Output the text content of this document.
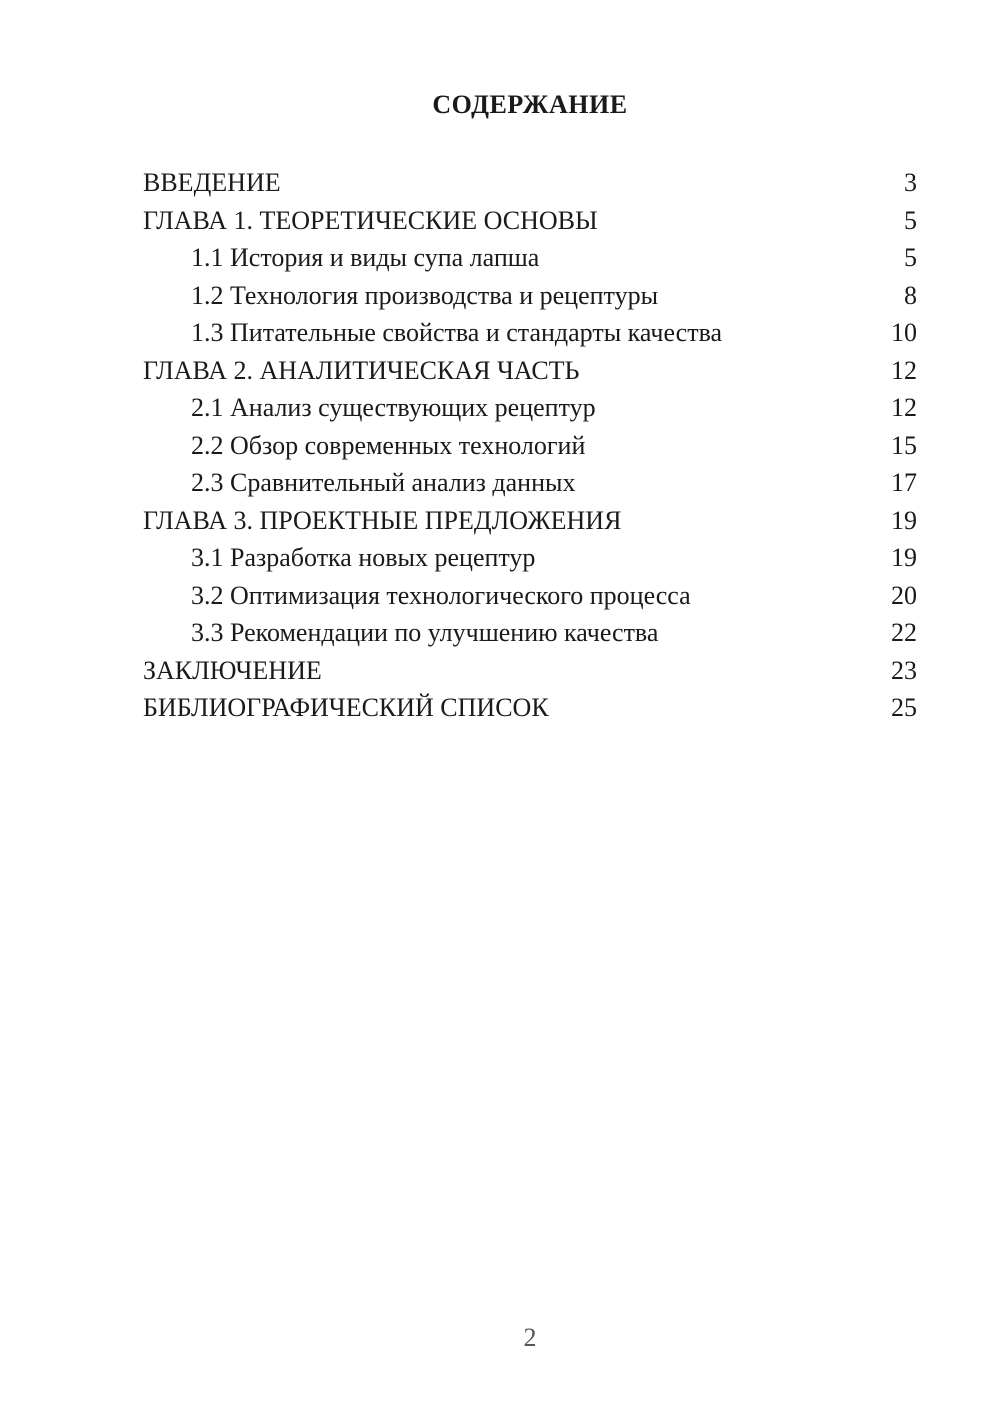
СОДЕРЖАНИЕ
ВВЕДЕНИЕ	3
ГЛАВА 1. ТЕОРЕТИЧЕСКИЕ ОСНОВЫ	5
1.1 История и виды супа лапша	5
1.2 Технология производства и рецептуры	8
1.3 Питательные свойства и стандарты качества	10
ГЛАВА 2. АНАЛИТИЧЕСКАЯ ЧАСТЬ	12
2.1 Анализ существующих рецептур	12
2.2 Обзор современных технологий	15
2.3 Сравнительный анализ данных	17
ГЛАВА 3. ПРОЕКТНЫЕ ПРЕДЛОЖЕНИЯ	19
3.1 Разработка новых рецептур	19
3.2 Оптимизация технологического процесса	20
3.3 Рекомендации по улучшению качества	22
ЗАКЛЮЧЕНИЕ	23
БИБЛИОГРАФИЧЕСКИЙ СПИСОК	25
2
